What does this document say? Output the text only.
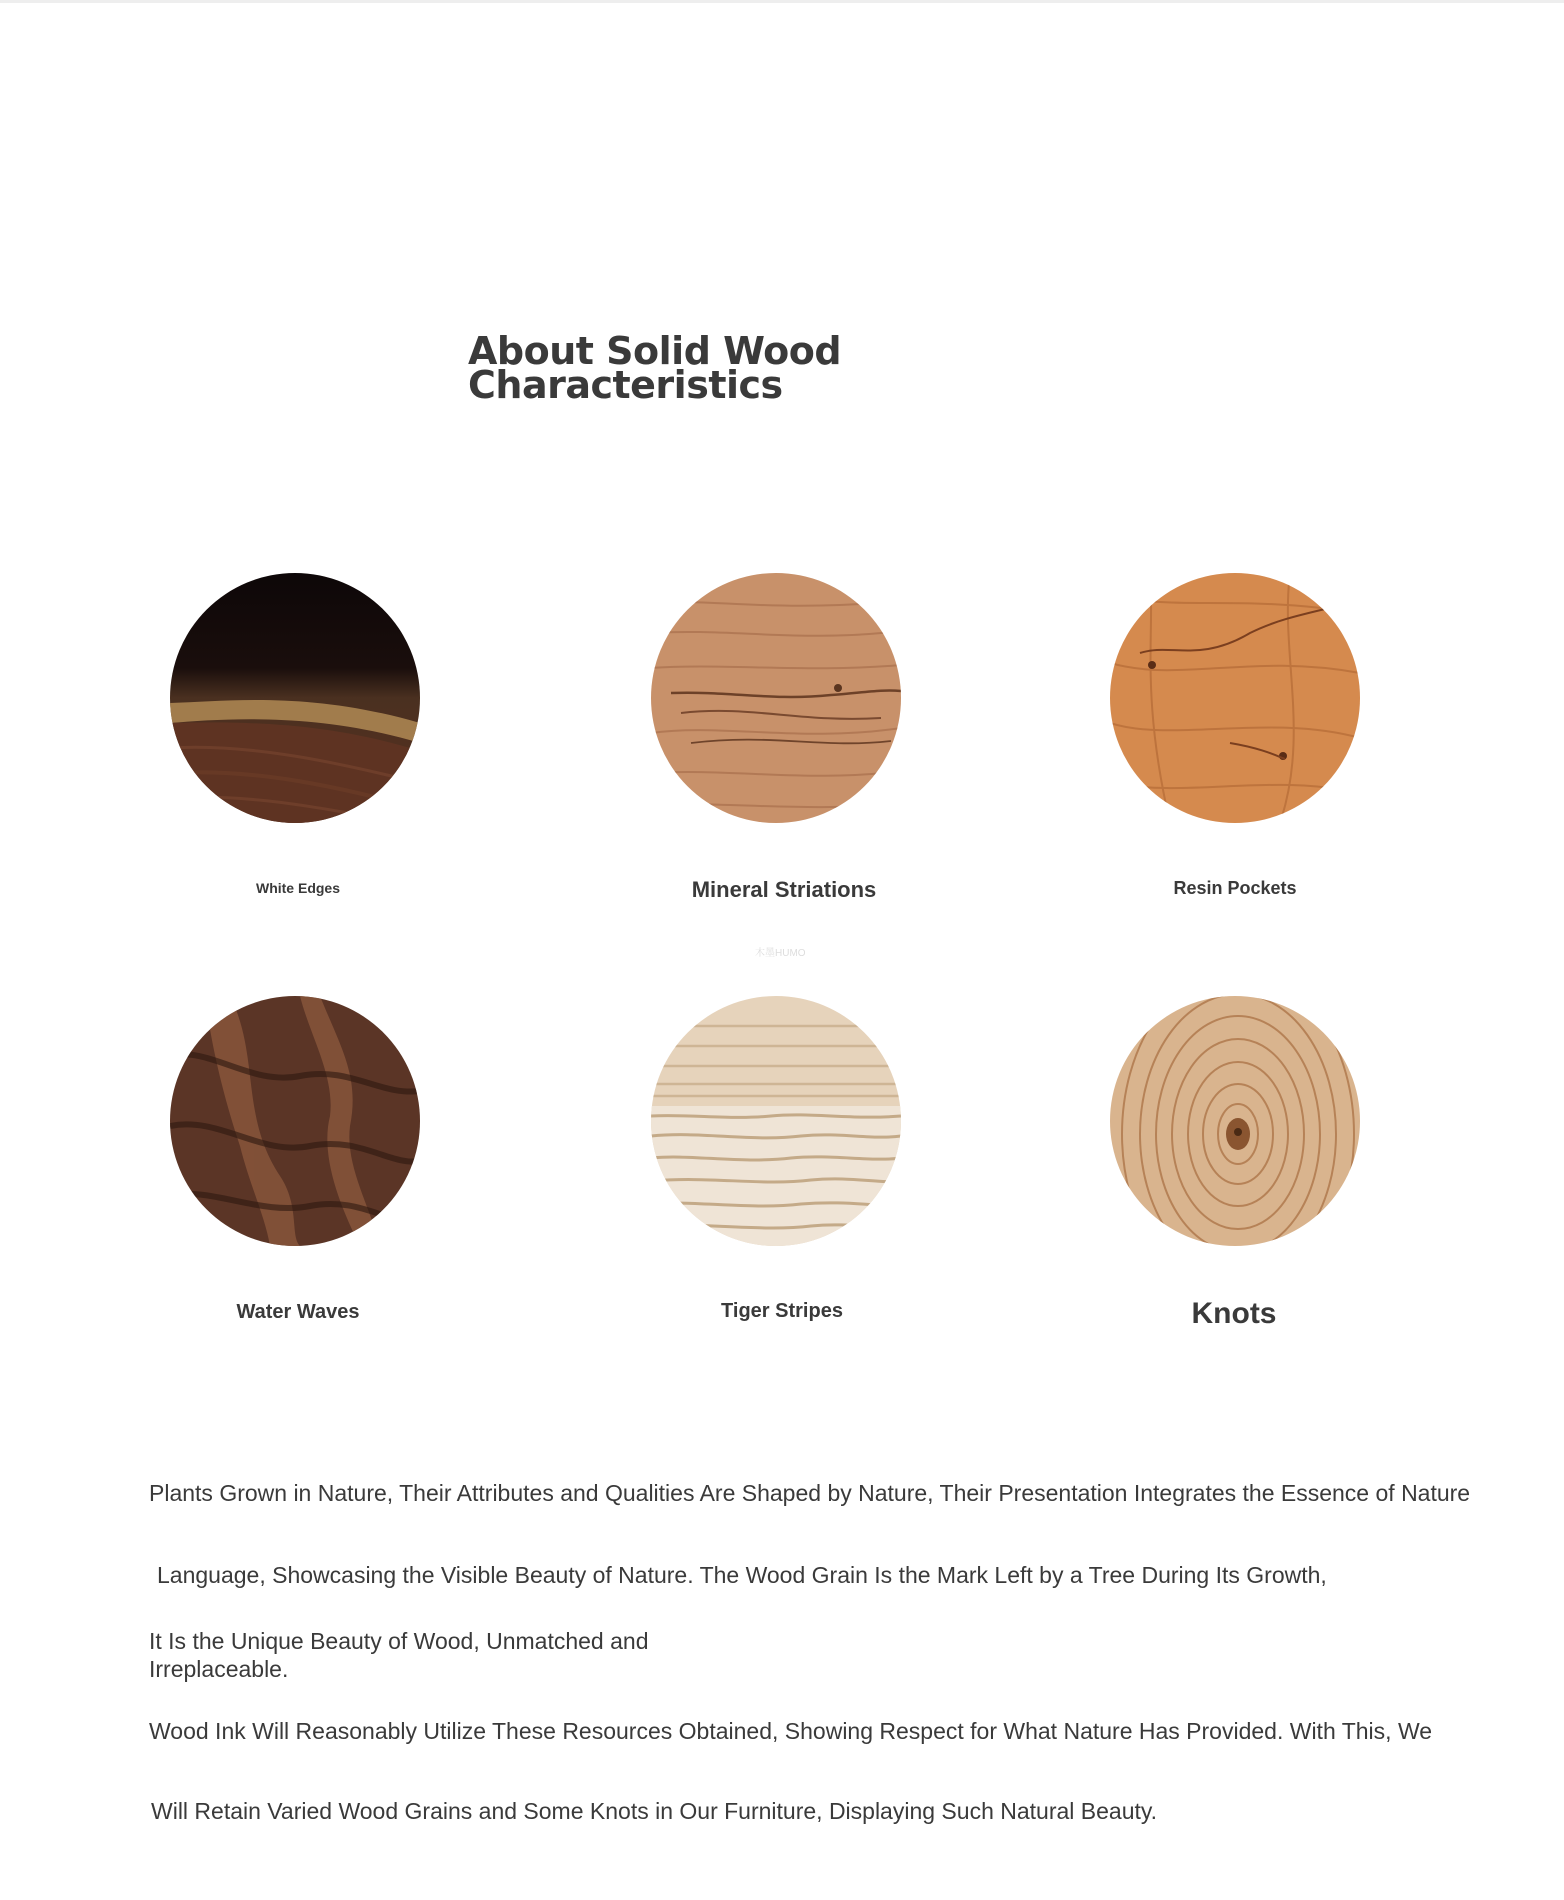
About Solid Wood
Characteristics
White Edges	Mineral Striations	Resin Pockets
木墨HUMO
Water Waves	Tiger Stripes	Knots
Plants Grown in Nature, Their Attributes and Qualities Are Shaped by Nature, Their Presentation Integrates the Essence of Nature
Language, Showcasing the Visible Beauty of Nature. The Wood Grain Is the Mark Left by a Tree During Its Growth,
It Is the Unique Beauty of Wood, Unmatched and Irreplaceable.
Wood Ink Will Reasonably Utilize These Resources Obtained, Showing Respect for What Nature Has Provided. With This, We
Will Retain Varied Wood Grains and Some Knots in Our Furniture, Displaying Such Natural Beauty.
